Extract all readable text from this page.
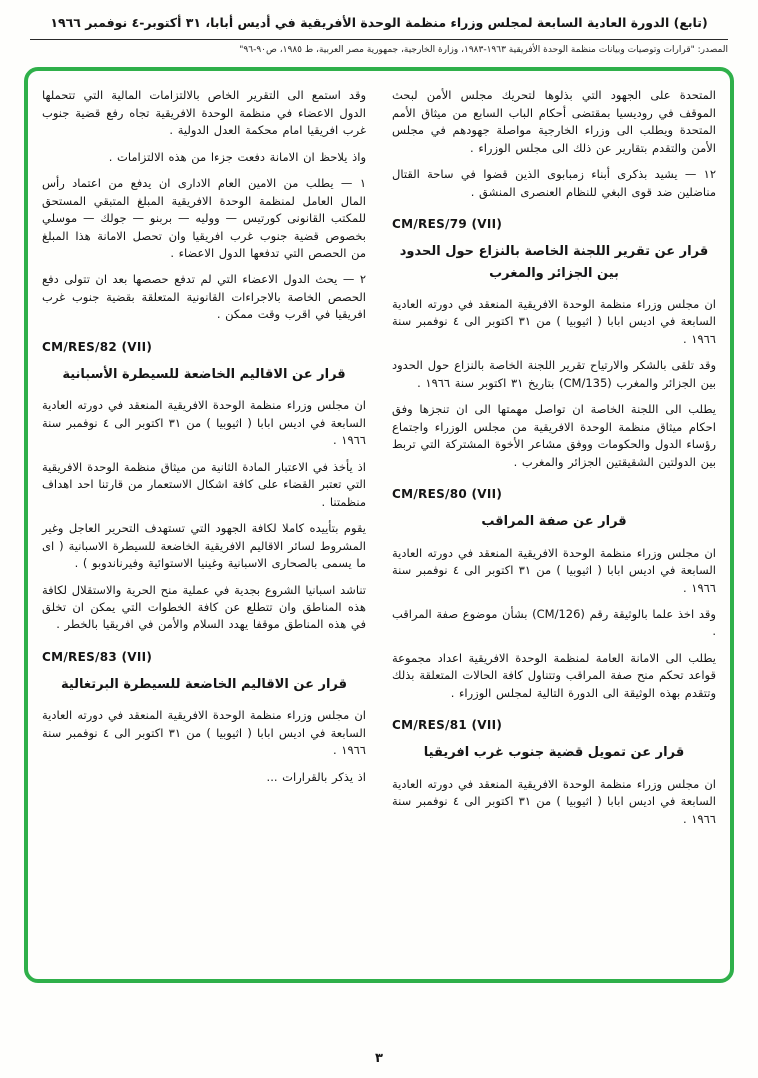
(تابع) الدورة العادية السابعة لمجلس وزراء منظمة الوحدة الأفريقية في أديس أبابا، ٣١ أكتوبر-٤ نوفمبر ١٩٦٦
المصدر: "قرارات وتوصيات وبيانات منظمة الوحدة الأفريقية ١٩٦٣-١٩٨٣، وزارة الخارجية، جمهورية مصر العربية، ط ١٩٨٥، ص٩٠-٩٦"

المتحدة على الجهود التي بذلوها لتحريك مجلس الأمن لبحث الموقف في روديسيا بمقتضى أحكام الباب السابع من ميثاق الأمم المتحدة ويطلب الى وزراء الخارجية مواصلة جهودهم في مجلس الأمن والتقدم بتقارير عن ذلك الى مجلس الوزراء .

١٢ — يشيد بذكرى أبناء زمبابوى الذين قضوا في ساحة القتال مناضلين ضد قوى البغي للنظام العنصرى المنشق .

CM/RES/79 (VII)
قرار عن تقرير اللجنة الخاصة بالنزاع حول الحدود بين الجزائر والمغرب

ان مجلس وزراء منظمة الوحدة الافريقية المنعقد في دورته العادية السابعة في اديس ابابا ( اثيوبيا ) من ٣١ اكتوبر الى ٤ نوفمبر سنة ١٩٦٦ .

وقد تلقى بالشكر والارتياح تقرير اللجنة الخاصة بالنزاع حول الحدود بين الجزائر والمغرب (CM/135) بتاريخ ٣١ اكتوبر سنة ١٩٦٦ .

يطلب الى اللجنة الخاصة ان تواصل مهمتها الى ان تنجزها وفق احكام ميثاق منظمة الوحدة الافريقية من مجلس الوزراء واجتماع رؤساء الدول والحكومات ووفق مشاعر الأخوة المشتركة التي تربط بين الدولتين الشقيقتين الجزائر والمغرب .

CM/RES/80 (VII)
قرار عن صفة المراقب

ان مجلس وزراء منظمة الوحدة الافريقية المنعقد في دورته العادية السابعة في اديس ابابا ( اثيوبيا ) من ٣١ اكتوبر الى ٤ نوفمبر سنة ١٩٦٦ .

وقد اخذ علما بالوثيقة رقم (CM/126) بشأن موضوع صفة المراقب .

يطلب الى الامانة العامة لمنظمة الوحدة الافريقية اعداد مجموعة قواعد تحكم منح صفة المراقب وتتناول كافة الحالات المتعلقة بذلك وتتقدم بهذه الوثيقة الى الدورة التالية لمجلس الوزراء .

CM/RES/81 (VII)
قرار عن تمويل قضية جنوب غرب افريقيا

ان مجلس وزراء منظمة الوحدة الافريقية المنعقد في دورته العادية السابعة في اديس ابابا ( اثيوبيا ) من ٣١ اكتوبر الى ٤ نوفمبر سنة ١٩٦٦ .

وقد استمع الى التقرير الخاص بالالتزامات المالية التي تتحملها الدول الاعضاء في منظمة الوحدة الافريقية تجاه رفع قضية جنوب غرب افريقيا امام محكمة العدل الدولية .

واذ يلاحظ ان الامانة دفعت جزءا من هذه الالتزامات .

١ — يطلب من الامين العام الادارى ان يدفع من اعتماد رأس المال العامل لمنظمة الوحدة الافريقية المبلغ المتبقي المستحق للمكتب القانونى كورتيس — ووليه — بربنو — جولك — موسلي بخصوص قضية جنوب غرب افريقيا وان تحصل الامانة هذا المبلغ من الحصص التي تدفعها الدول الاعضاء .

٢ — يحث الدول الاعضاء التي لم تدفع حصصها بعد ان تتولى دفع الحصص الخاصة بالاجراءات القانونية المتعلقة بقضية جنوب غرب افريقيا في اقرب وقت ممكن .

CM/RES/82 (VII)
قرار عن الاقاليم الخاضعة للسيطرة الأسبانية

ان مجلس وزراء منظمة الوحدة الافريقية المنعقد في دورته العادية السابعة في اديس ابابا ( اثيوبيا ) من ٣١ اكتوبر الى ٤ نوفمبر سنة ١٩٦٦ .

اذ يأخذ في الاعتبار المادة الثانية من ميثاق منظمة الوحدة الافريقية التي تعتبر القضاء على كافة اشكال الاستعمار من قارتنا احد اهداف منظمتنا .

يقوم بتأييده كاملا لكافة الجهود التي تستهدف التحرير العاجل وغير المشروط لسائر الاقاليم الافريقية الخاضعة للسيطرة الاسبانية ( اى ما يسمى بالصحارى الاسبانية وغينيا الاستوائية وفيرناندوبو ) .

تناشد اسبانيا الشروع بجدية في عملية منح الحرية والاستقلال لكافة هذه المناطق وان تتطلع عن كافة الخطوات التي يمكن ان تخلق في هذه المناطق موقفا يهدد السلام والأمن في افريقيا بالخطر .

CM/RES/83 (VII)
قرار عن الاقاليم الخاضعة للسيطرة البرتغالية

ان مجلس وزراء منظمة الوحدة الافريقية المنعقد في دورته العادية السابعة في اديس ابابا ( اثيوبيا ) من ٣١ اكتوبر الى ٤ نوفمبر سنة ١٩٦٦ .

اذ يذكر بالقرارات ...

٣
